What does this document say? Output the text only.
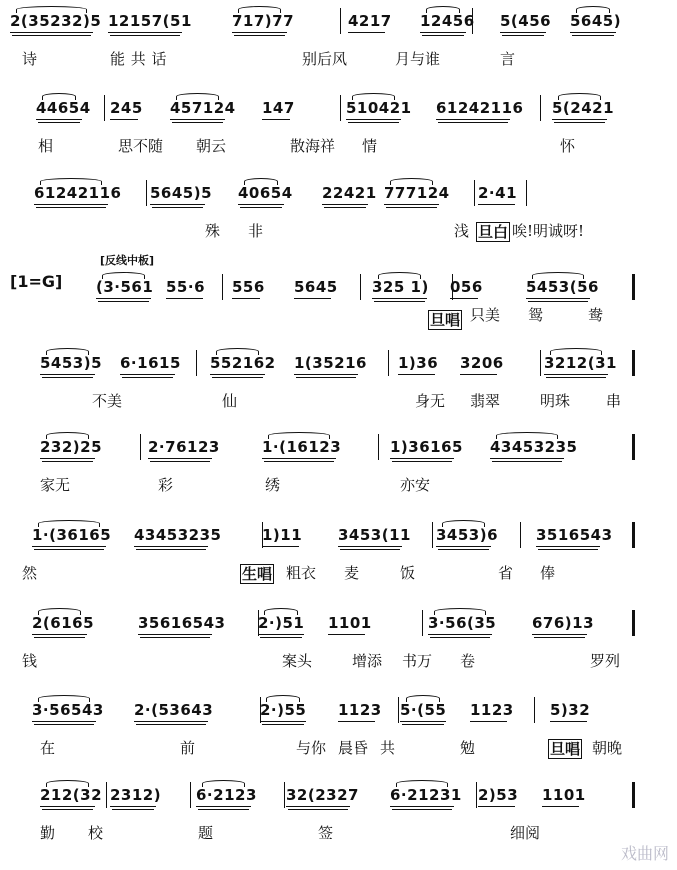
2(35232)5 12157(51	717)77	4217 12456 5(456 5645)
诗	能 共 话	别后风	月与谁	言
44654 245 457124 147	510421 61242116 5(2421
相	思不随 朝云	散海祥 情	怀
61242116 5645)5 40654 22421 777124 2·41
殊 非	浅 旦白 唉!明诚呀!
[反线中板]
[1=G] (3·561 55·6 556 5645 325 1) 056	5453(56
旦唱 只美 鸳	鸯
5453)5 6·1615 552162 1(35216 1)36 3206	3212(31
不美	仙	身无 翡翠	明珠 串
232)25	2·76123	1·(16123	1)36165 43453235
家无	彩	绣	亦安
1·(36165 43453235	1)11 3453(11 3453)6	3516543
然	生唱 粗衣 麦	饭	省 俸
2(6165	35616543 2·)51 1101	3·56(35 676)13
钱	案头	增添 书万 卷	罗列
3·56543 2·(53643	2·)55 1123 5·(55 1123 5)32
在	前	与你 晨昏 共	勉	旦唱 朝晚
212(32 2312) 6·2123 32(2327 6·21231 2)53 1101
勤 校	题	签	细阅
戏曲网
